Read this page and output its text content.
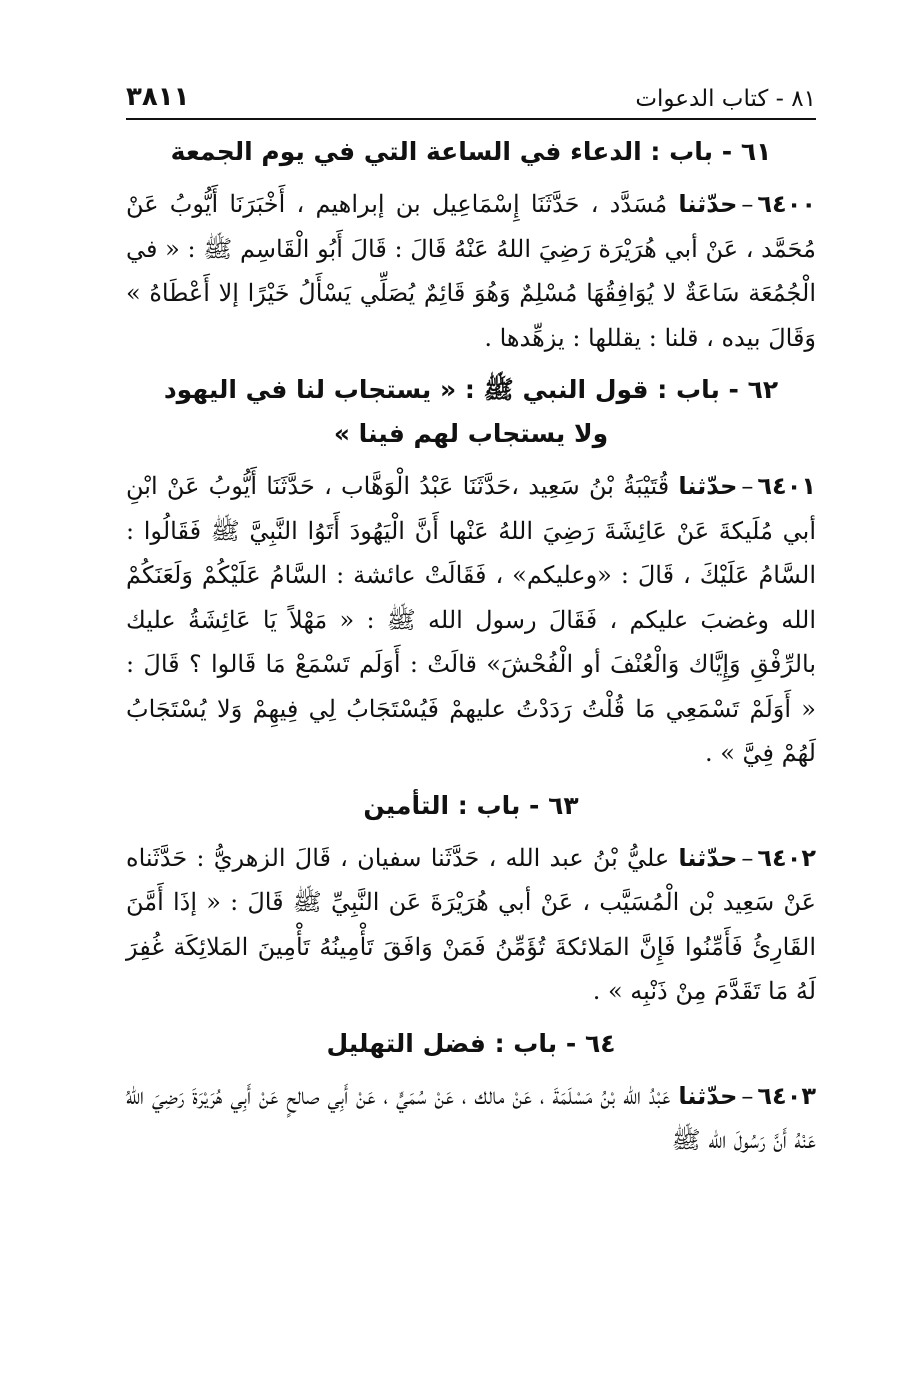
٨١ - كتاب الدعوات
٣٨١١
٦١ - باب : الدعاء في الساعة التي في يوم الجمعة

٦٤٠٠–حدّثنا مُسَدَّد ، حَدَّثَنَا إِسْمَاعِيل بن إبراهيم ، أَخْبَرَنَا أَيُّوبُ عَنْ مُحَمَّد ، عَنْ أبي هُرَيْرَة رَضِيَ اللهُ عَنْهُ قَالَ : قَالَ أَبُو الْقَاسِم ﷺ : « في الْجُمُعَة سَاعَةٌ لا يُوَافِقُهَا مُسْلِمٌ وَهُوَ قَائِمٌ يُصَلِّي يَسْأَلُ خَيْرًا إلا أَعْطَاهُ » وَقَالَ بيده ، قلنا : يقللها : يزهِّدها .

٦٢ - باب : قول النبي ﷺ : « يستجاب لنا في اليهود
ولا يستجاب لهم فينا »

٦٤٠١–حدّثنا قُتَيْبَةُ بْنُ سَعِيد ،حَدَّثَنَا عَبْدُ الْوَهَّاب ، حَدَّثَنَا أَيُّوبُ عَنْ ابْنِ أبي مُلَيكةَ عَنْ عَائِشَةَ رَضِيَ اللهُ عَنْها أَنَّ الْيَهُودَ أَتَوُا النَّبِيَّ ﷺ فَقَالُوا : السَّامُ عَلَيْكَ ، قَالَ : «وعليكم» ، فَقَالَتْ عائشة : السَّامُ عَلَيْكُمْ وَلَعَنَكُمْ الله وغضبَ عليكم ، فَقَالَ رسول الله ﷺ : « مَهْلاً يَا عَائِشَةُ عليك بالرِّفْقِ وَإِيَّاك وَالْعُنْفَ أو الْفُحْشَ» قالَتْ : أَوَلَم تَسْمَعْ مَا قَالوا ؟ قَالَ : « أَوَلَمْ تَسْمَعِي مَا قُلْتُ رَدَدْتُ عليهمْ فَيُسْتَجَابُ لِي فِيهِمْ وَلا يُسْتَجَابُ لَهُمْ فِيَّ » .

٦٣ - باب : التأمين

٦٤٠٢–حدّثنا عليُّ بْنُ عبد الله ، حَدَّثَنا سفيان ، قَالَ الزهريُّ : حَدَّثَناه عَنْ سَعِيد بْن الْمُسَيَّب ، عَنْ أبي هُرَيْرَةَ عَن النَّبِيِّ ﷺ قَالَ : « إذَا أَمَّنَ القَارِئُ فَأَمِّنُوا فَإِنَّ المَلائكةَ تُؤَمِّنُ فَمَنْ وَافَقَ تَأْمِينُهُ تَأْمِينَ المَلائِكَة غُفِرَ لَهُ مَا تَقَدَّمَ مِنْ ذَنْبِه » .

٦٤ - باب : فضل التهليل

٦٤٠٣–حدّثنا عَبْدُ الله بْنُ مَسْلَمَةَ ، عَنْ مالك ، عَنْ سُمَيٍّ ، عَنْ أَبِي صالحٍ عَنْ أَبِي هُرَيْرَةَ رَضِيَ اللهُ عَنْهُ أَنَّ رَسُولَ الله ﷺ
